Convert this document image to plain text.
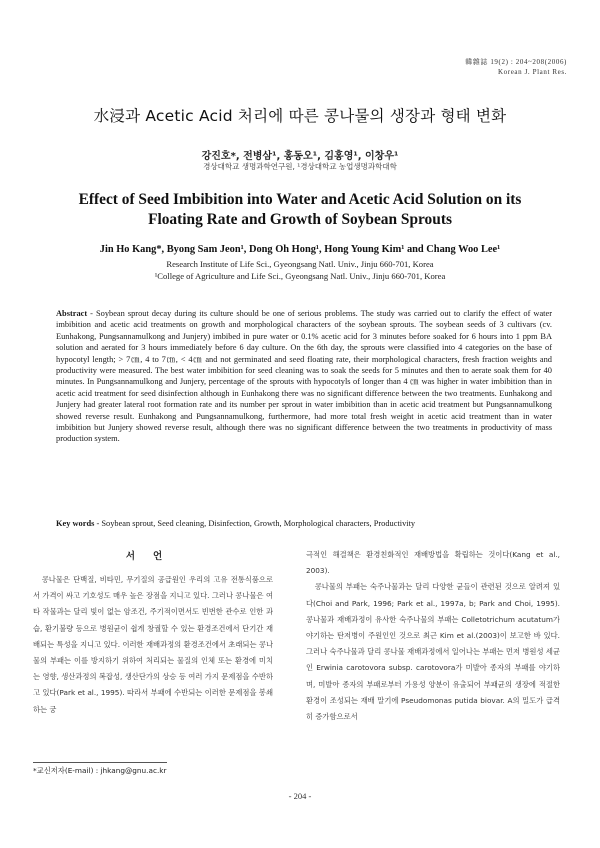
韓雜誌 19(2) : 204~208(2006)
Korean J. Plant Res.
水浸과 Acetic Acid 처리에 따른 콩나물의 생장과 형태 변화
강진호*, 전병삼¹, 홍동오¹, 김홍영¹, 이창우¹
경상대학교 생명과학연구원, ¹경상대학교 농업생명과학대학
Effect of Seed Imbibition into Water and Acetic Acid Solution on its
Floating Rate and Growth of Soybean Sprouts
Jin Ho Kang*, Byong Sam Jeon¹, Dong Oh Hong¹, Hong Young Kim¹ and Chang Woo Lee¹
Research Institute of Life Sci., Gyeongsang Natl. Univ., Jinju 660-701, Korea
¹College of Agriculture and Life Sci., Gyeongsang Natl. Univ., Jinju 660-701, Korea
Abstract - Soybean sprout decay during its culture should be one of serious problems. The study was carried out to clarify the effect of water imbibition and acetic acid treatments on growth and morphological characters of the soybean sprouts. The soybean seeds of 3 cultivars (cv. Eunhakong, Pungsannamulkong and Junjery) imbibed in pure water or 0.1% acetic acid for 3 minutes before soaked for 6 hours into 1 ppm BA solution and aerated for 3 hours immediately before 6 day culture. On the 6th day, the sprouts were classified into 4 categories on the base of hypocotyl length; > 7㎝, 4 to 7㎝, < 4㎝ and not germinated and seed floating rate, their morphological characters, fresh fraction weights and productivity were measured. The best water imbibition for seed cleaning was to soak the seeds for 5 minutes and then to aerate soak them for 40 minutes. In Pungsannamulkong and Junjery, percentage of the sprouts with hypocotyls of longer than 4 ㎝ was higher in water imbibition than in acetic acid treatment for seed disinfection although in Eunhakong there was no significant difference between the two treatments. Eunhakong and Junjery had greater lateral root formation rate and its number per sprout in water imbibition than in acetic acid treatment but Pungsannamulkong showed reverse result. Eunhakong and Pungsannamulkong, furthermore, had more total fresh weight in acetic acid treatment than in water imbibition but Junjery showed reverse result, although there was no significant difference between the two treatments in productivity of mass production system.
Key words - Soybean sprout, Seed cleaning, Disinfection, Growth, Morphological characters, Productivity
서언

콩나물은 단백질, 비타민, 무기질의 공급원인 우리의 고유 전통식품으로서 가격이 싸고 기호성도 매우 높은 장점을 지니고 있다. 그러나 콩나물은 여타 작물과는 달리 빛이 없는 암조건, 주기적이면서도 빈번한 관수로 인한 과습, 환기불량 등으로 병원균이 쉽게 창궐할 수 있는 환경조건에서 단기간 재배되는 특성을 지니고 있다. 이러한 재배과정의 환경조건에서 초래되는 콩나물의 부패는 이를 방지하기 위하여 처리되는 물질의 인체 또는 환경에 미치는 영향, 생산과정의 복잡성, 생산단가의 상승 등 여러 가지 문제점을 수반하고 있다(Park et al., 1995). 따라서 부패에 수반되는 이러한 문제점을 봉쇄하는 궁

극적인 해결책은 환경친화적인 재배방법을 확립하는 것이다(Kang et al., 2003).

콩나물의 부패는 숙주나물과는 달리 다양한 균들이 관련된 것으로 알려져 있다(Choi and Park, 1996; Park et al., 1997a, b; Park and Choi, 1995). 콩나물과 재배과정이 유사한 숙주나물의 부패는 Colletotrichum acutatum가 야기하는 탄저병이 주원인인 것으로 최근 Kim et al.(2003)이 보고한 바 있다. 그러나 숙주나물과 달리 콩나물 재배과정에서 일어나는 부패는 먼저 병원성 세균인 Erwinia carotovora subsp. carotovora가 미발아 종자의 부패를 야기하며, 미발아 종자의 부패로부터 가용성 양분이 유출되어 부패균의 생장에 적절한 환경이 조성되는 재배 말기에 Pseudomonas putida biovar. A의 밀도가 급격히 증가함으로서

*교신저자(E-mail) : jhkang@gnu.ac.kr
- 204 -
